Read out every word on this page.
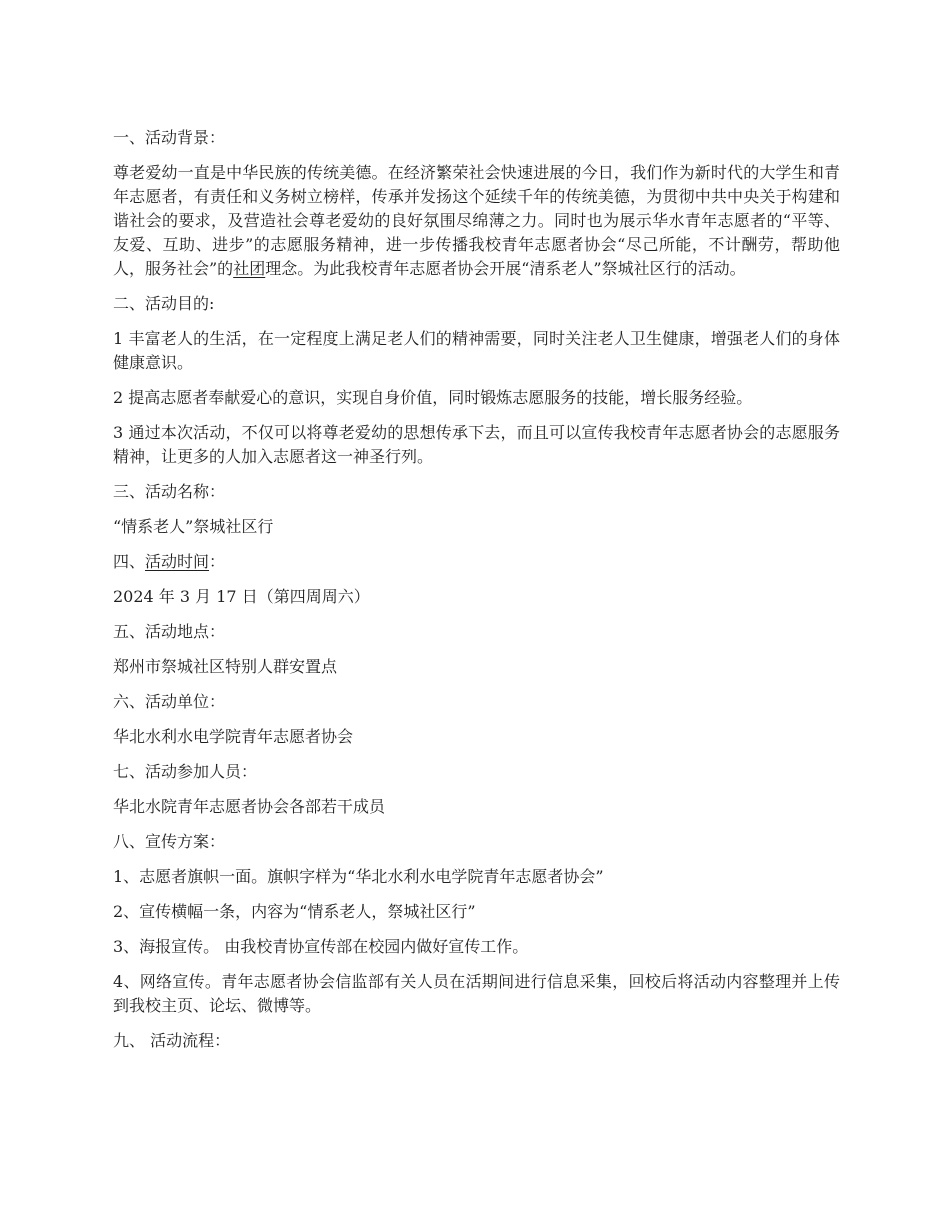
一、活动背景：

尊老爱幼一直是中华民族的传统美德。在经济繁荣社会快速进展的今日，我们作为新时代的大学生和青年志愿者，有责任和义务树立榜样，传承并发扬这个延续千年的传统美德，为贯彻中共中央关于构建和谐社会的要求，及营造社会尊老爱幼的良好氛围尽绵薄之力。同时也为展示华水青年志愿者的“平等、友爱、互助、进步”的志愿服务精神，进一步传播我校青年志愿者协会“尽己所能，不计酬劳，帮助他人，服务社会”的社团理念。为此我校青年志愿者协会开展“清系老人”祭城社区行的活动。

二、活动目的:

1 丰富老人的生活，在一定程度上满足老人们的精神需要，同时关注老人卫生健康，增强老人们的身体健康意识。

2 提高志愿者奉献爱心的意识，实现自身价值，同时锻炼志愿服务的技能，增长服务经验。

3 通过本次活动，不仅可以将尊老爱幼的思想传承下去，而且可以宣传我校青年志愿者协会的志愿服务精神，让更多的人加入志愿者这一神圣行列。

三、活动名称：

“情系老人”祭城社区行

四、活动时间：

2024 年 3 月 17 日（第四周周六）

五、活动地点：

郑州市祭城社区特别人群安置点

六、活动单位：

华北水利水电学院青年志愿者协会

七、活动参加人员：

华北水院青年志愿者协会各部若干成员

八、宣传方案：

1、志愿者旗帜一面。旗帜字样为“华北水利水电学院青年志愿者协会”

2、宣传横幅一条，内容为“情系老人，祭城社区行”

3、海报宣传。 由我校青协宣传部在校园内做好宣传工作。

4、网络宣传。青年志愿者协会信监部有关人员在活期间进行信息采集，回校后将活动内容整理并上传到我校主页、论坛、微博等。

九、 活动流程：
